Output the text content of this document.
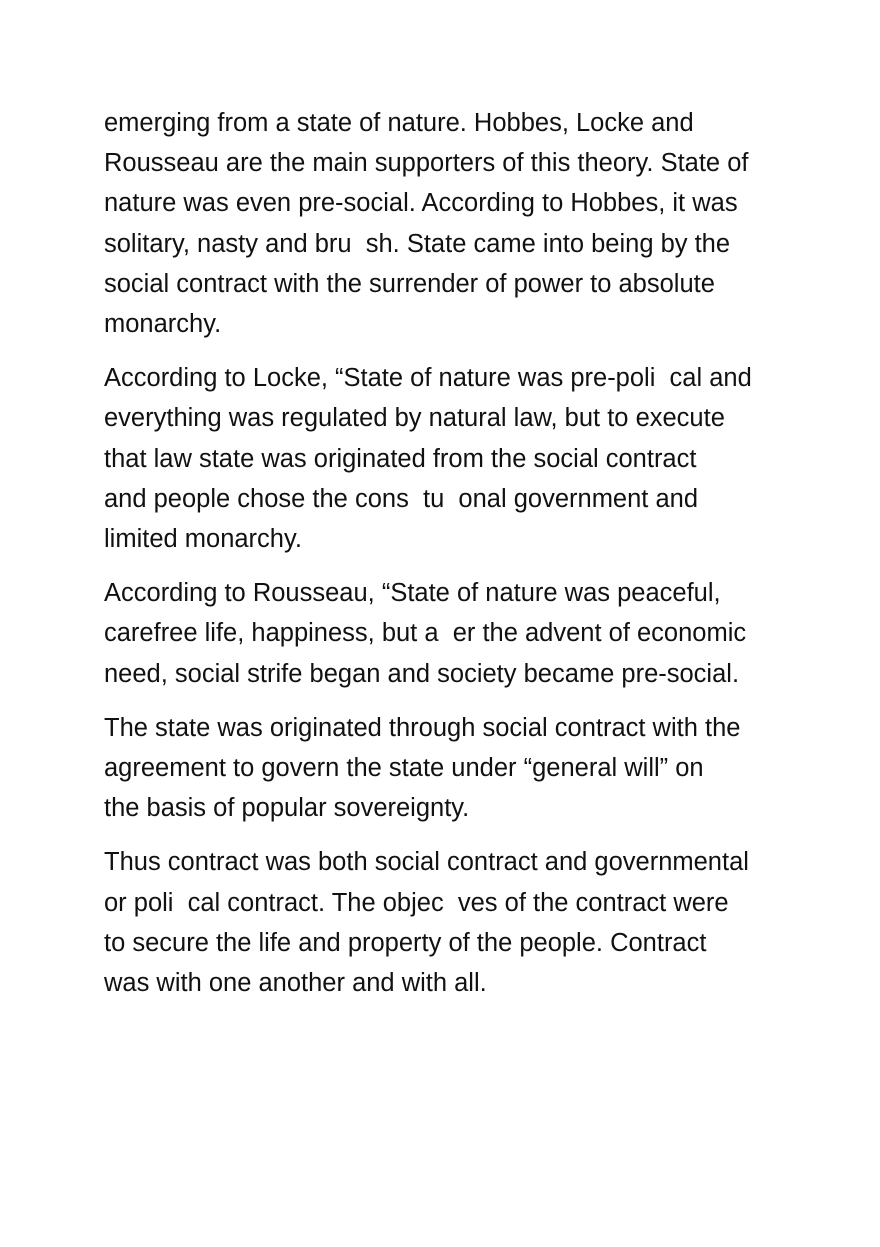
emerging from a state of nature. Hobbes, Locke and
Rousseau are the main supporters of this theory. State of
nature was even pre-social. According to Hobbes, it was
solitary, nasty and bru  sh. State came into being by the
social contract with the surrender of power to absolute
monarchy.

According to Locke, “State of nature was pre-poli  cal and
everything was regulated by natural law, but to execute
that law state was originated from the social contract
and people chose the cons  tu  onal government and
limited monarchy.

According to Rousseau, “State of nature was peaceful,
carefree life, happiness, but a  er the advent of economic
need, social strife began and society became pre-social.

The state was originated through social contract with the
agreement to govern the state under “general will” on
the basis of popular sovereignty.

Thus contract was both social contract and governmental
or poli  cal contract. The objec  ves of the contract were
to secure the life and property of the people. Contract
was with one another and with all.
